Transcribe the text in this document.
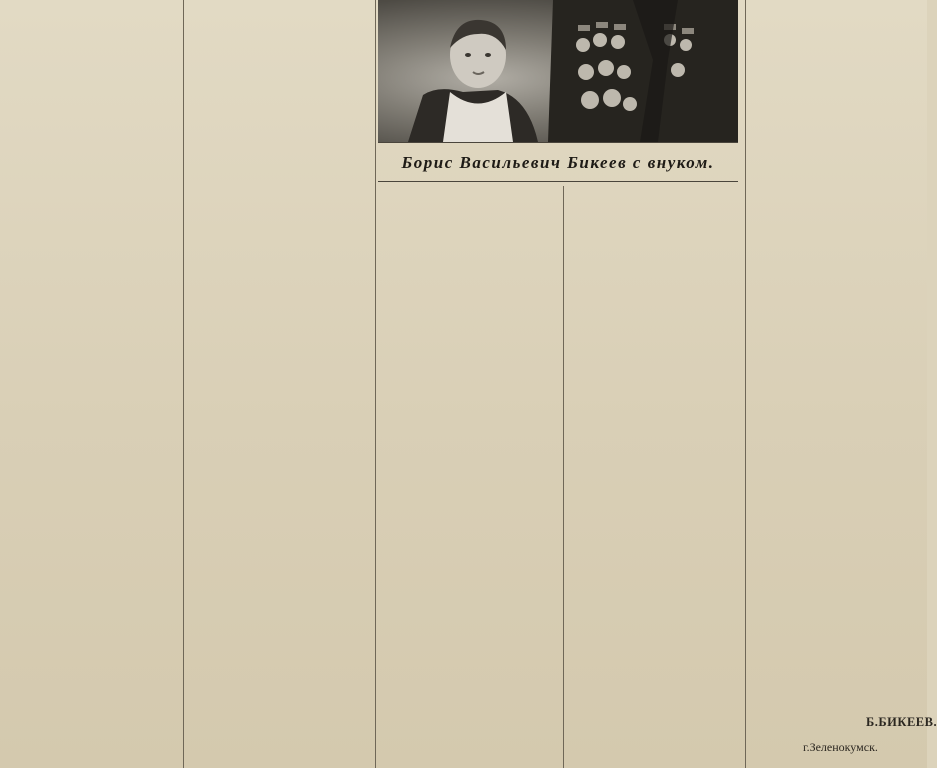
Борис Васильевич Бикеев с внуком.
Б.БИКЕЕВ.
г.Зеленокумск.
